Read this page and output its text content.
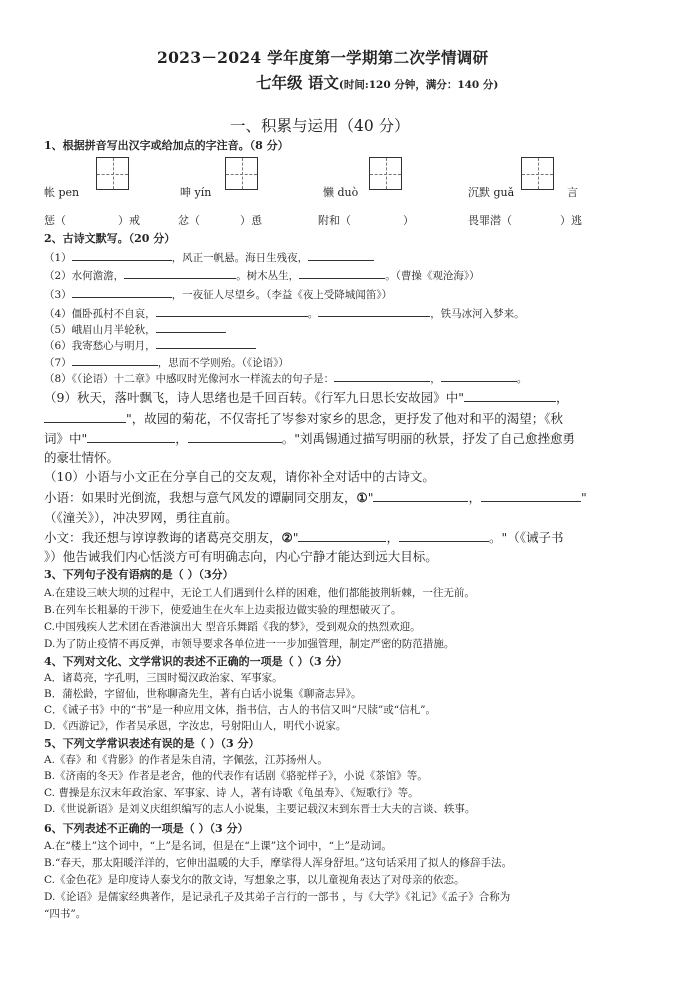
2023－2024 学年度第一学期第二次学情调研
七年级 语文(时间:120 分钟，满分：140 分)
一、积累与运用（40 分）
1、根据拼音写出汉字或给加点的字注音。（8 分）
帐 pen	呻 yín	懒 duò	沉默 guǎ	言
惩（	）戒	忿（	）恿	附和（	）	畏罪潜（	）逃
2、古诗文默写。（20 分）
（1）	，风正一帆悬。海日生残夜，
（2）水何澹澹，	。树木丛生，	。（曹操《观沧海》）
（3）	，一夜征人尽望乡。（李益《夜上受降城闻笛》）
（4）僵卧孤村不自哀，	。	，铁马冰河入梦来。
（5）峨眉山月半轮秋，
（6）我寄愁心与明月，
（7）	，思而不学则殆。（《论语》）
（8）《（论语）十二章》中感叹时光像河水一样流去的句子是：	，	。
（9）秋天，落叶飘飞，诗人思绪也是千回百转。《行军九日思长安故园》中"	，
"，故园的菊花，不仅寄托了岑参对家乡的思念，更抒发了他对和平的渴望；《秋
词》中"	，	。"刘禹锡通过描写明丽的秋景，抒发了自己愈挫愈勇
的豪壮情怀。
（10）小语与小文正在分享自己的交友观，请你补全对话中的古诗文。
小语：如果时光倒流，我想与意气风发的谭嗣同交朋友，①"	，	"
（《潼关》），冲决罗网，勇往直前。
小文：我还想与谆谆教诲的诸葛亮交朋友，②"	，	。"（《诫子书
》）他告诫我们内心恬淡方可有明确志向，内心宁静才能达到远大目标。
3、下列句子没有语病的是（ ）（3分）
A.在建设三峡大坝的过程中，无论工人们遇到什么样的困难，他们都能披荆斩棘，一往无前。
B.在列车长粗暴的干涉下，使爱迪生在火车上边卖报边做实验的理想破灭了。
C.中国残疾人艺术团在香港演出大 型音乐舞蹈《我的梦》，受到观众的热烈欢迎。
D.为了防止疫情不再反弹，市领导要求各单位进一一步加强管理，制定严密的防范措施。
4、下列对文化、文学常识的表述不正确的一项是（ ）（3 分）
A．诸葛亮，字孔明，三国时蜀汉政治家、军事家。
B．蒲松龄，字留仙，世称聊斋先生，著有白话小说集《聊斋志异》。
C．《诫子书》中的“书”是一种应用文体，指书信，古人的书信又叫“尺牍”或“信札”。
D．《西游记》，作者吴承恩，字汝忠，号射阳山人，明代小说家。
5、下列文学常识表述有误的是（ ）（3 分）
A.《春》和《背影》的作者是朱自清，字佩弦，江苏扬州人。
B.《济南的冬天》作者是老舍，他的代表作有话剧《骆驼样子》，小说《茶馆》等。
C. 曹操是东汉末年政治家、军事家、诗 人，著有诗歌《龟虽寿》、《短歌行》等。
D.《世说新语》是刘义庆组织编写的志人小说集，主要记载汉末到东晋士大夫的言谈、轶事。
6、下列表述不正确的一项是（ ）（3 分）
A.在“楼上”这个词中，“上”是名词，但是在“上课”这个词中，“上”是动词。
B.“春天，那太阳暖洋洋的，它伸出温暖的大手，摩挲得人浑身舒坦。”这句话采用了拟人的修辞手法。
C.《金色花》是印度诗人泰戈尔的散文诗，写想象之事，以儿童视角表达了对母亲的依恋。
D.《论语》是儒家经典著作，是记录孔子及其弟子言行的一部书 ，与《大学》《礼记》《孟子》合称为
“四书”。
